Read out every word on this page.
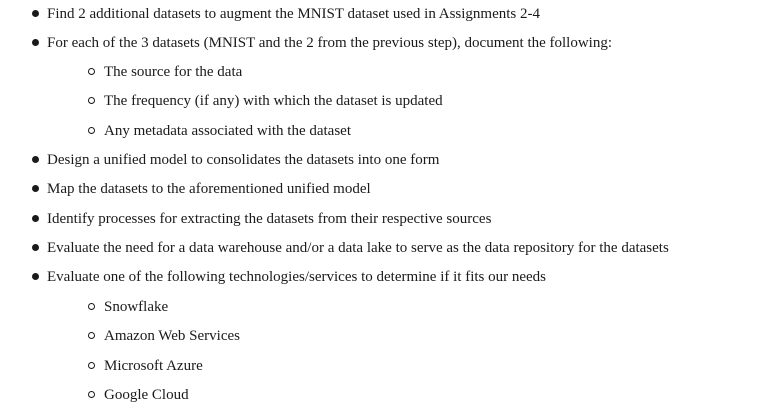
Find 2 additional datasets to augment the MNIST dataset used in Assignments 2-4
For each of the 3 datasets (MNIST and the 2 from the previous step), document the following:
The source for the data
The frequency (if any) with which the dataset is updated
Any metadata associated with the dataset
Design a unified model to consolidates the datasets into one form
Map the datasets to the aforementioned unified model
Identify processes for extracting the datasets from their respective sources
Evaluate the need for a data warehouse and/or a data lake to serve as the data repository for the datasets
Evaluate one of the following technologies/services to determine if it fits our needs
Snowflake
Amazon Web Services
Microsoft Azure
Google Cloud
